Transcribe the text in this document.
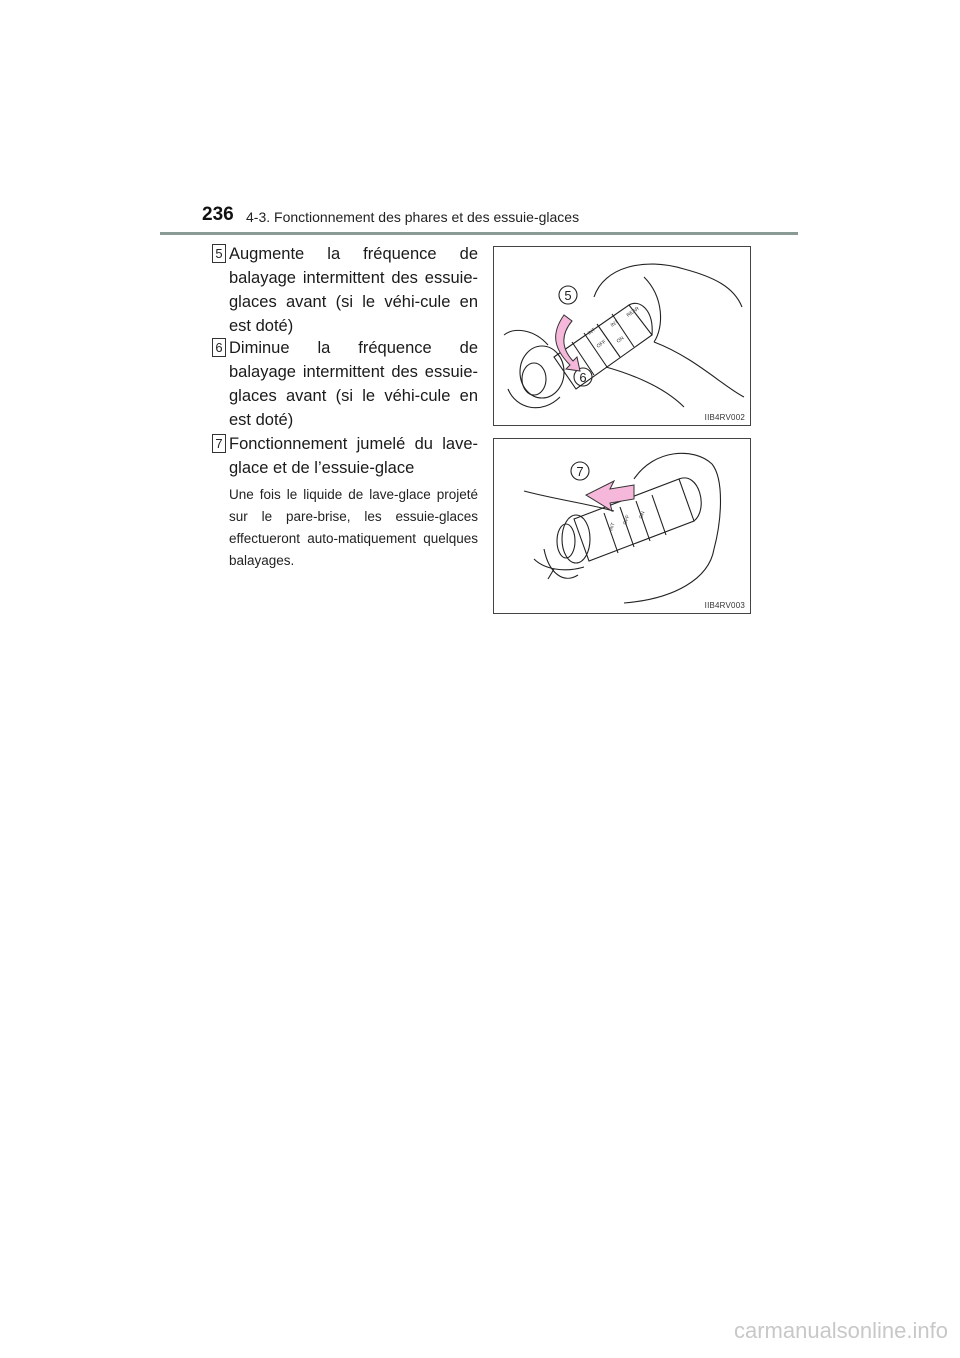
236 4-3. Fonctionnement des phares et des essuie-glaces
5 Augmente la fréquence de balayage intermittent des essuie-glaces avant (si le véhi-cule en est doté)
6 Diminue la fréquence de balayage intermittent des essuie-glaces avant (si le véhi-cule en est doté)
7 Fonctionnement jumelé du lave-glace et de l’essuie-glace
Une fois le liquide de lave-glace projeté sur le pare-brise, les essuie-glaces effectueront auto-matiquement quelques balayages.
5
6
INT
OFF
INT
ON
REAR
IIB4RV002
7
INT
OFF ON
IIB4RV003
carmanualsonline.info
